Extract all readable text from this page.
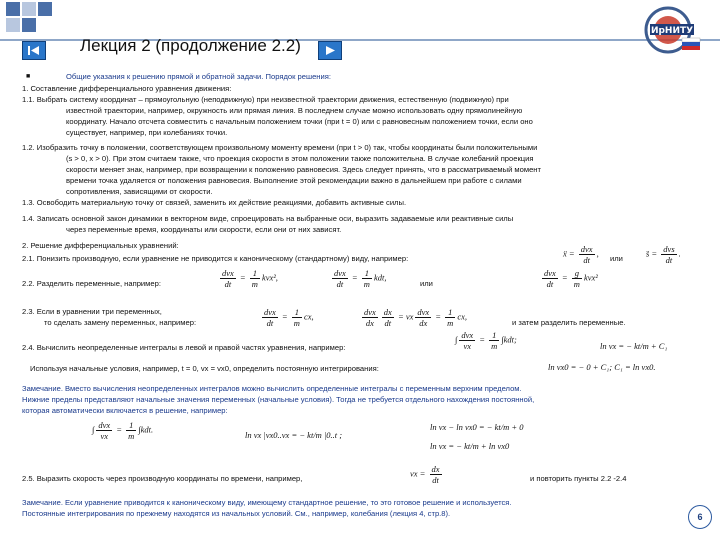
Лекция 2 (продолжение 2.2)
ИрНИТУ
■	Общие указания к решению прямой и обратной задачи. Порядок решения:
1. Составление дифференциального уравнения движения:
1.1. Выбрать систему координат – прямоугольную (неподвижную) при неизвестной траектории движения, естественную (подвижную) при
известной траектории, например, окружность или прямая линия. В последнем случае можно использовать одну прямолинейную
координату. Начало отсчета совместить с начальным положением точки (при t = 0) или с равновесным положением точки, если оно
существует, например, при колебаниях точки.
1.2. Изобразить точку в положении, соответствующем произвольному моменту времени (при t > 0) так, чтобы координаты были положительными
(s > 0, x > 0). При этом считаем также, что проекция скорости в этом положении также положительна. В случае колебаний проекция
скорости меняет знак, например, при возвращении к положению равновесия. Здесь следует принять, что в рассматриваемый момент
времени точка удаляется от положения равновесия. Выполнение этой рекомендации важно в дальнейшем при работе с силами
сопротивления, зависящими от скорости.
1.3. Освободить материальную точку от связей, заменить их действие реакциями, добавить активные силы.
1.4. Записать основной закон динамики в векторном виде, спроецировать на выбранные оси, выразить задаваемые или реактивные силы
через переменные время, координаты или скорости, если они от них зависят.
2. Решение дифференциальных уравнений:
2.1. Понизить производную, если уравнение не приводится к каноническому (стандартному) виду, например:
ẍ = dvx
dt
,
или
s̈ = dvs
dt
.
2.2. Разделить переменные, например:
dvx
dt
= $\frac{1}{m} kvx^2$,	dvx
dt
= $\frac{1}{m}$ kdt,
или
dvx
dt
= $\frac{g}{m} kvx^2$
2.3. Если в уравнении три переменных,
то сделать замену переменных, например:
dvx
dt
= $\frac{1}{m}$ cx,	dvx
dx $\frac{dx}{dt}$ = vx dvx
dx
= $\frac{1}{m}$ cx,
и затем разделить переменные.
2.4. Вычислить неопределенные интегралы в левой и правой частях уравнения, например:
∫ dvx
vx
= $\frac{1}{m} \int kdt$;
ln vx = − kt/m + C₁
Используя начальные условия, например, t = 0, vx = vx0, определить постоянную интегрирования:	ln vx0 = − 0 + C₁; C₁ = ln vx0.
Замечание. Вместо вычисления неопределенных интегралов можно вычислить определенные интегралы с переменным верхним пределом.
Нижние пределы представляют начальные значения переменных (начальные условия). Тогда не требуется отдельного нахождения постоянной,
которая автоматически включается в решение, например:
∫ dvx
vx
= $\frac{1}{m} \int kdt$.
ln vx |vx0..vx = − kt/m |0..t ;
ln vx − ln vx0 = − kt/m + 0
ln vx = − kt/m + ln vx0
2.5. Выразить скорость через производную координаты по времени, например,
vx = $\frac{dx}{dt}$	и повторить пункты 2.2 -2.4
Замечание. Если уравнение приводится к каноническому виду, имеющему стандартное решение, то это готовое решение и используется.
Постоянные интегрирования по прежнему находятся из начальных условий. См., например, колебания (лекция 4, стр.8).	6
